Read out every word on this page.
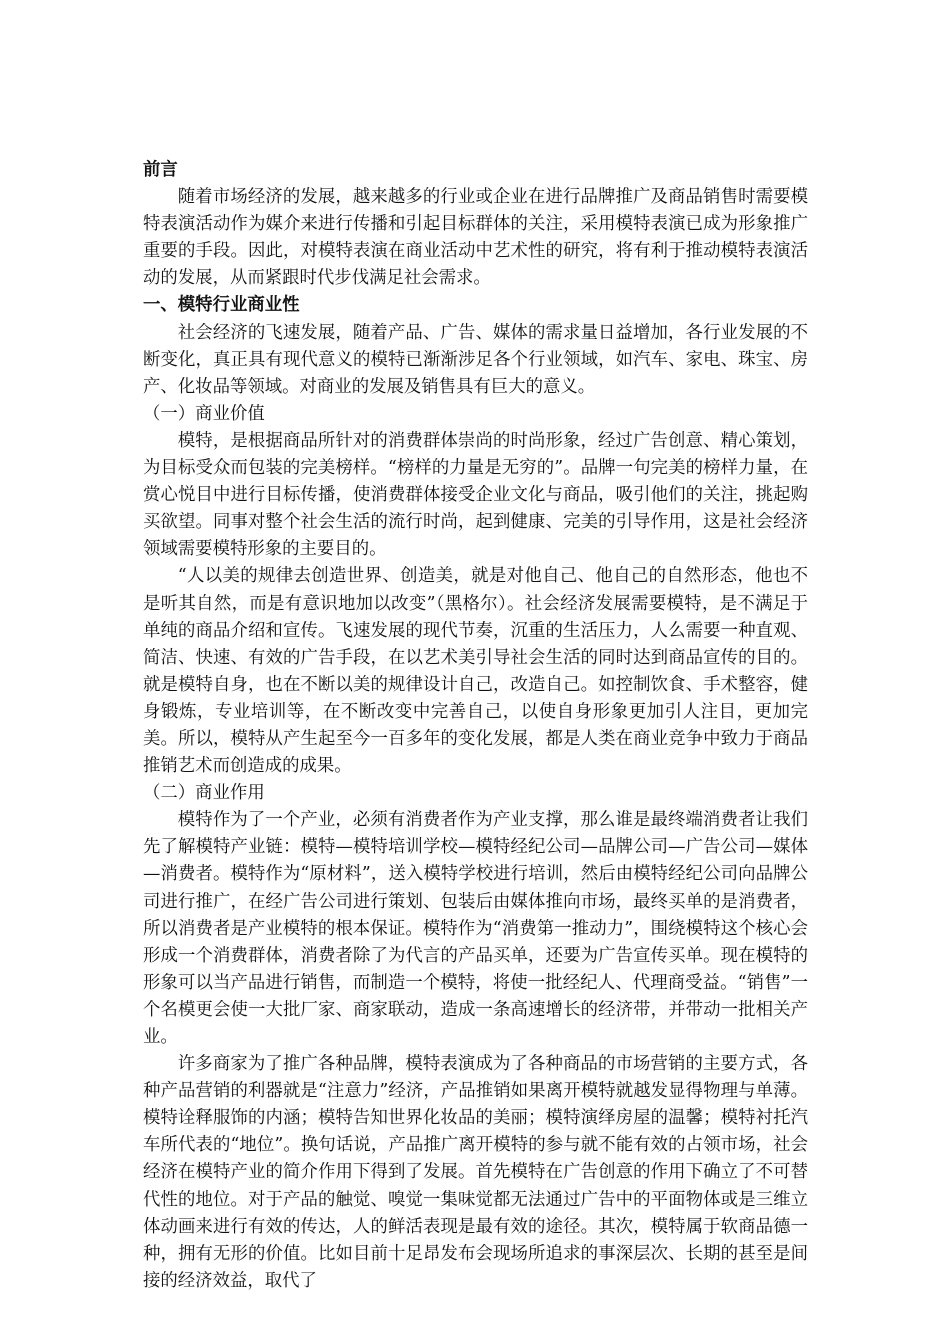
前言

随着市场经济的发展，越来越多的行业或企业在进行品牌推广及商品销售时需要模特表演活动作为媒介来进行传播和引起目标群体的关注，采用模特表演已成为形象推广重要的手段。因此，对模特表演在商业活动中艺术性的研究，将有利于推动模特表演活动的发展，从而紧跟时代步伐满足社会需求。

一、模特行业商业性

社会经济的飞速发展，随着产品、广告、媒体的需求量日益增加，各行业发展的不断变化，真正具有现代意义的模特已渐渐涉足各个行业领域，如汽车、家电、珠宝、房产、化妆品等领域。对商业的发展及销售具有巨大的意义。

（一）商业价值

模特，是根据商品所针对的消费群体崇尚的时尚形象，经过广告创意、精心策划，为目标受众而包装的完美榜样。“榜样的力量是无穷的”。品牌一句完美的榜样力量，在赏心悦目中进行目标传播，使消费群体接受企业文化与商品，吸引他们的关注，挑起购买欲望。同事对整个社会生活的流行时尚，起到健康、完美的引导作用，这是社会经济领域需要模特形象的主要目的。

“人以美的规律去创造世界、创造美，就是对他自己、他自己的自然形态，他也不是听其自然，而是有意识地加以改变”（黑格尔）。社会经济发展需要模特，是不满足于单纯的商品介绍和宣传。飞速发展的现代节奏，沉重的生活压力，人么需要一种直观、简洁、快速、有效的广告手段，在以艺术美引导社会生活的同时达到商品宣传的目的。就是模特自身，也在不断以美的规律设计自己，改造自己。如控制饮食、手术整容，健身锻炼，专业培训等，在不断改变中完善自己，以使自身形象更加引人注目，更加完美。所以，模特从产生起至今一百多年的变化发展，都是人类在商业竞争中致力于商品推销艺术而创造成的成果。

（二）商业作用

模特作为了一个产业，必须有消费者作为产业支撑，那么谁是最终端消费者让我们先了解模特产业链：模特—模特培训学校—模特经纪公司—品牌公司—广告公司—媒体—消费者。模特作为“原材料”，送入模特学校进行培训，然后由模特经纪公司向品牌公司进行推广，在经广告公司进行策划、包装后由媒体推向市场，最终买单的是消费者，所以消费者是产业模特的根本保证。模特作为“消费第一推动力”，围绕模特这个核心会形成一个消费群体，消费者除了为代言的产品买单，还要为广告宣传买单。现在模特的形象可以当产品进行销售，而制造一个模特，将使一批经纪人、代理商受益。“销售”一个名模更会使一大批厂家、商家联动，造成一条高速增长的经济带，并带动一批相关产业。

许多商家为了推广各种品牌，模特表演成为了各种商品的市场营销的主要方式，各种产品营销的利器就是“注意力”经济，产品推销如果离开模特就越发显得物理与单薄。模特诠释服饰的内涵；模特告知世界化妆品的美丽；模特演绎房屋的温馨；模特衬托汽车所代表的“地位”。换句话说，产品推广离开模特的参与就不能有效的占领市场，社会经济在模特产业的简介作用下得到了发展。首先模特在广告创意的作用下确立了不可替代性的地位。对于产品的触觉、嗅觉一集味觉都无法通过广告中的平面物体或是三维立体动画来进行有效的传达，人的鲜活表现是最有效的途径。其次，模特属于软商品德一种，拥有无形的价值。比如目前十足昂发布会现场所追求的事深层次、长期的甚至是间接的经济效益，取代了
